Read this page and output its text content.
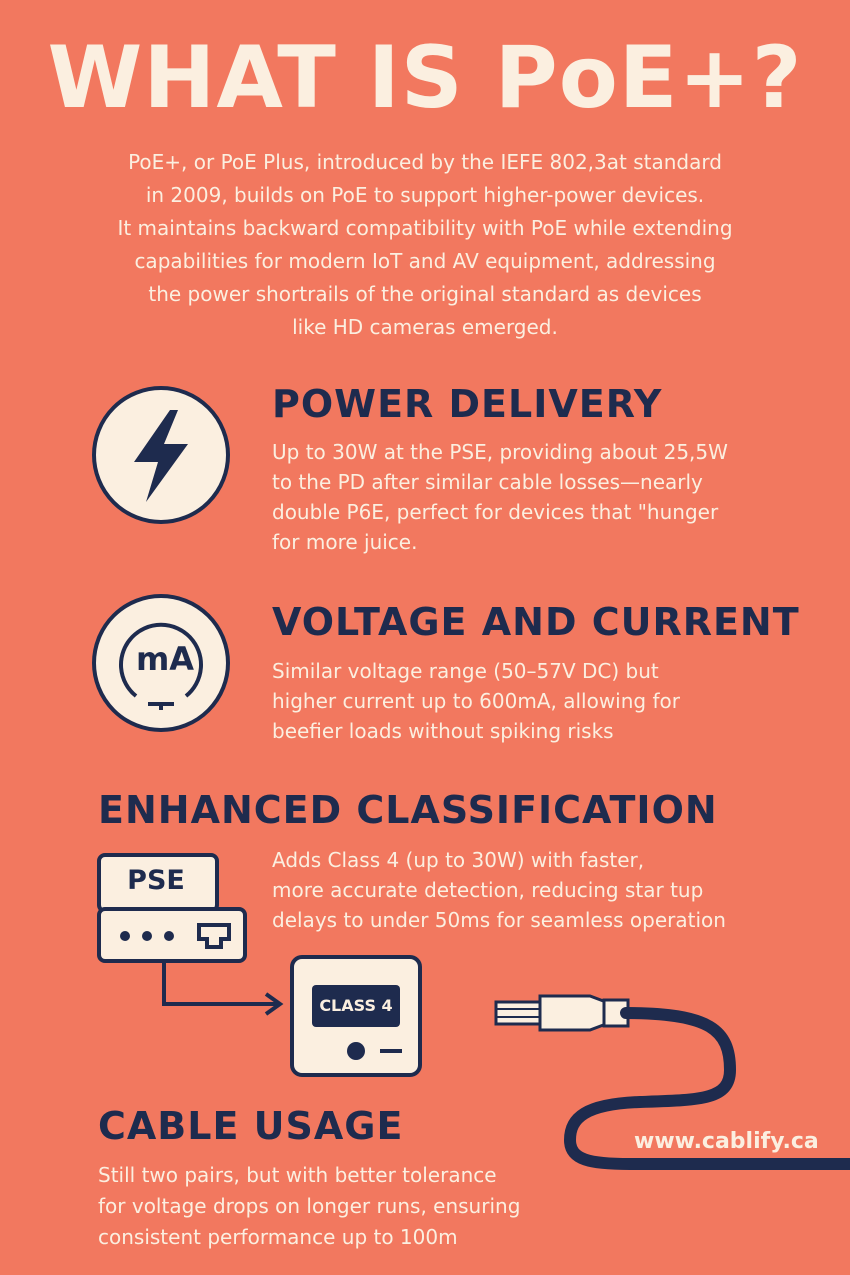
WHAT IS PoE+?
PoE+, or PoE Plus, introduced by the IEFE 802,3at standard
in 2009, builds on PoE to support higher-power devices.
It maintains backward compatibility with PoE while extending
capabilities for modern IoT and AV equipment, addressing
the power shortrails of the original standard as devices
like HD cameras emerged.
POWER DELIVERY
Up to 30W at the PSE, providing about 25,5W
to the PD after similar cable losses—nearly
double P6E, perfect for devices that "hunger
for more juice.
mA
VOLTAGE AND CURRENT
Similar voltage range (50–57V DC) but
higher current up to 600mA, allowing for
beefier loads without spiking risks
ENHANCED CLASSIFICATION
Adds Class 4 (up to 30W) with faster,
more accurate detection, reducing star tup
delays to under 50ms for seamless operation
PSE
CLASS 4
www.cablify.ca
CABLE USAGE
Still two pairs, but with better tolerance
for voltage drops on longer runs, ensuring
consistent performance up to 100m
